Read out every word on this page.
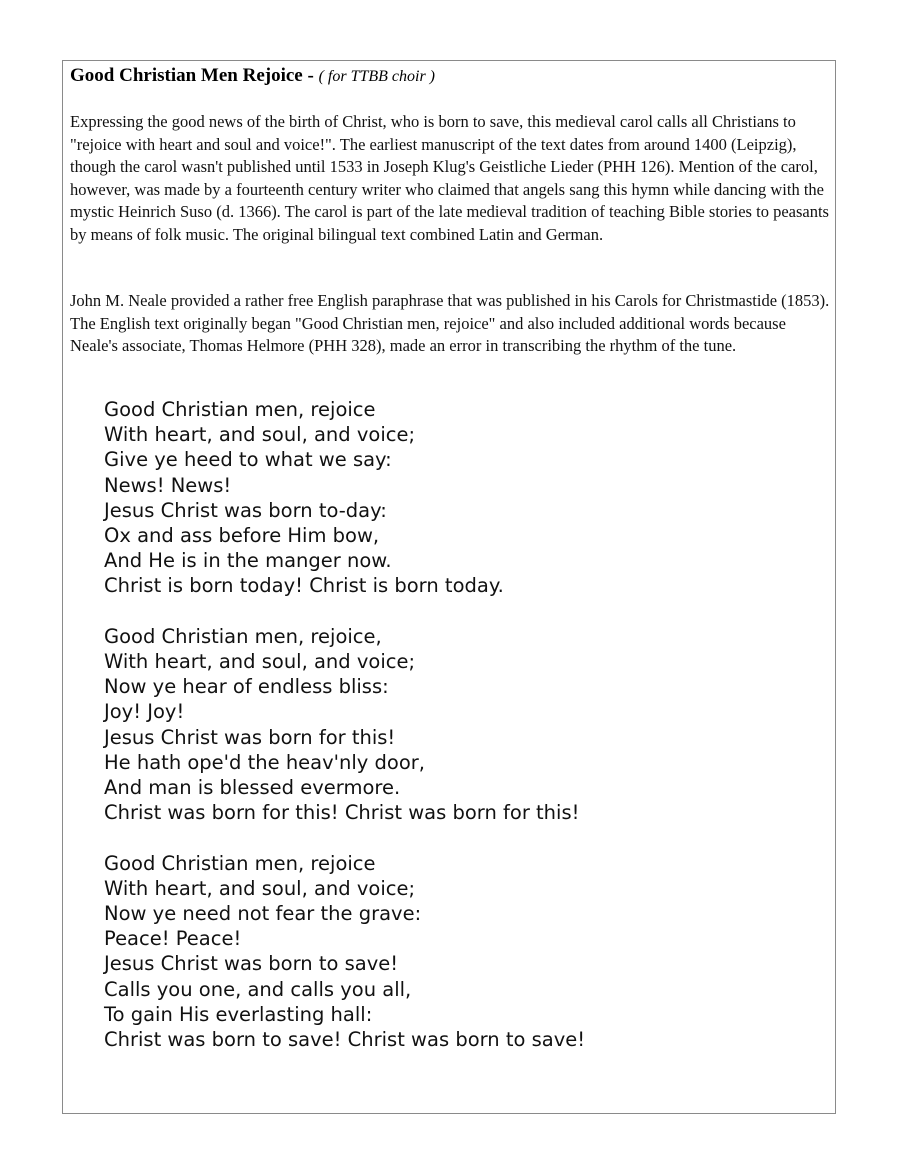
Good Christian Men Rejoice - ( for TTBB choir )
Expressing the good news of the birth of Christ, who is born to save, this medieval carol calls all Christians to "rejoice with heart and soul and voice!". The earliest manuscript of the text dates from around 1400 (Leipzig), though the carol wasn't published until 1533 in Joseph Klug's Geistliche Lieder (PHH 126). Mention of the carol, however, was made by a fourteenth century writer who claimed that angels sang this hymn while dancing with the mystic Heinrich Suso (d. 1366). The carol is part of the late medieval tradition of teaching Bible stories to peasants by means of folk music. The original bilingual text combined Latin and German.
John M. Neale provided a rather free English paraphrase that was published in his Carols for Christmastide (1853). The English text originally began "Good Christian men, rejoice" and also included additional words because Neale's associate, Thomas Helmore (PHH 328), made an error in transcribing the rhythm of the tune.
Good Christian men, rejoice
With heart, and soul, and voice;
Give ye heed to what we say:
News! News!
Jesus Christ was born to-day:
Ox and ass before Him bow,
And He is in the manger now.
Christ is born today! Christ is born today.
Good Christian men, rejoice,
With heart, and soul, and voice;
Now ye hear of endless bliss:
Joy! Joy!
Jesus Christ was born for this!
He hath ope'd the heav'nly door,
And man is blessed evermore.
Christ was born for this! Christ was born for this!
Good Christian men, rejoice
With heart, and soul, and voice;
Now ye need not fear the grave:
Peace! Peace!
Jesus Christ was born to save!
Calls you one, and calls you all,
To gain His everlasting hall:
Christ was born to save! Christ was born to save!
